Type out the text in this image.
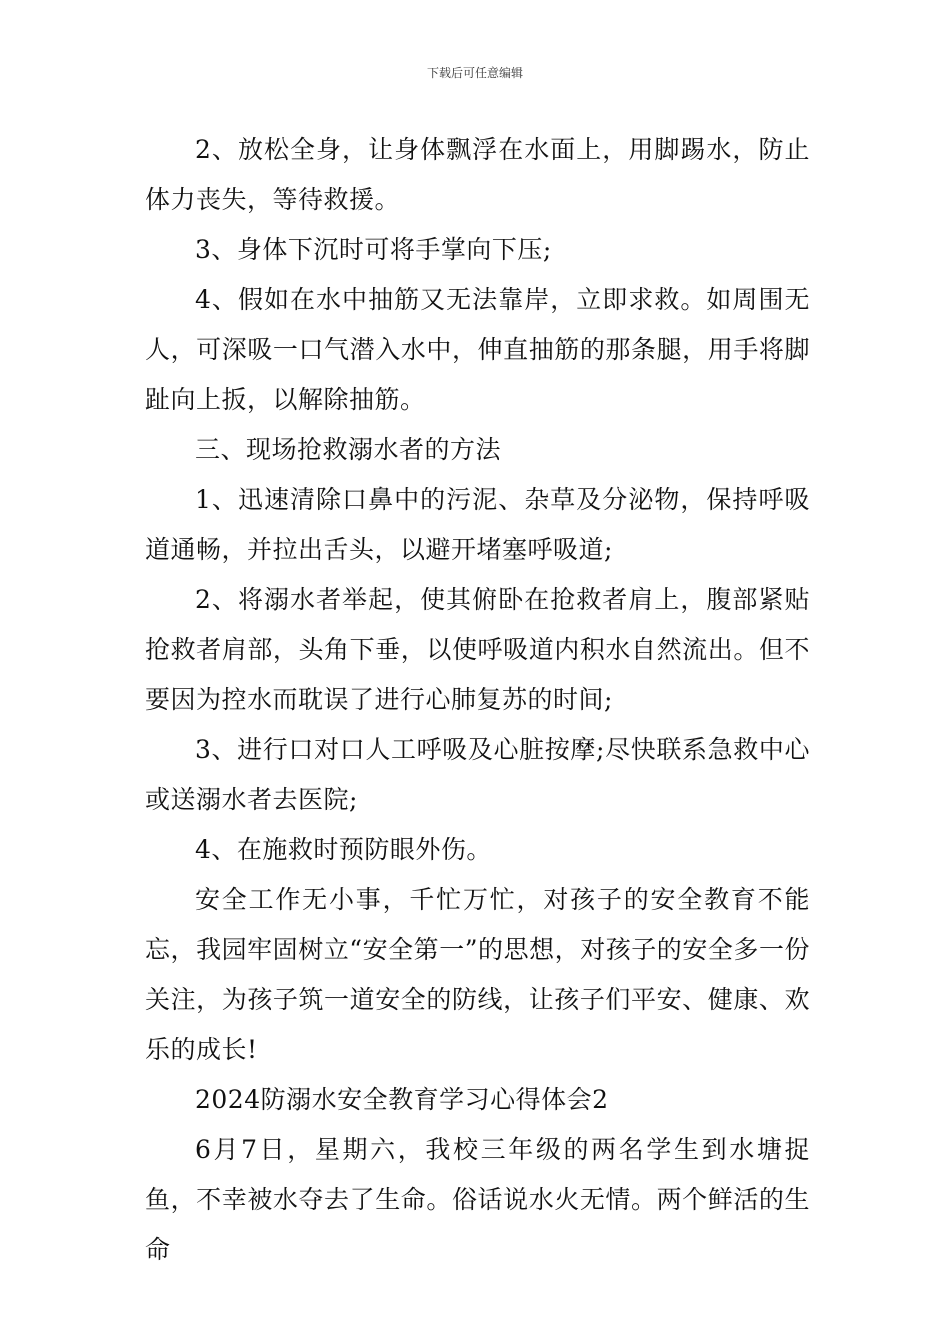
下载后可任意编辑

2、放松全身，让身体飘浮在水面上，用脚踢水，防止体力丧失，等待救援。

3、身体下沉时可将手掌向下压;

4、假如在水中抽筋又无法靠岸，立即求救。如周围无人，可深吸一口气潜入水中，伸直抽筋的那条腿，用手将脚趾向上扳，以解除抽筋。

三、现场抢救溺水者的方法

1、迅速清除口鼻中的污泥、杂草及分泌物，保持呼吸道通畅，并拉出舌头，以避开堵塞呼吸道;

2、将溺水者举起，使其俯卧在抢救者肩上，腹部紧贴抢救者肩部，头角下垂，以使呼吸道内积水自然流出。但不要因为控水而耽误了进行心肺复苏的时间;

3、进行口对口人工呼吸及心脏按摩;尽快联系急救中心或送溺水者去医院;

4、在施救时预防眼外伤。

安全工作无小事，千忙万忙，对孩子的安全教育不能忘，我园牢固树立“安全第一”的思想，对孩子的安全多一份关注，为孩子筑一道安全的防线，让孩子们平安、健康、欢乐的成长!

2024防溺水安全教育学习心得体会2

6月7日，星期六，我校三年级的两名学生到水塘捉鱼，不幸被水夺去了生命。俗话说水火无情。两个鲜活的生命
